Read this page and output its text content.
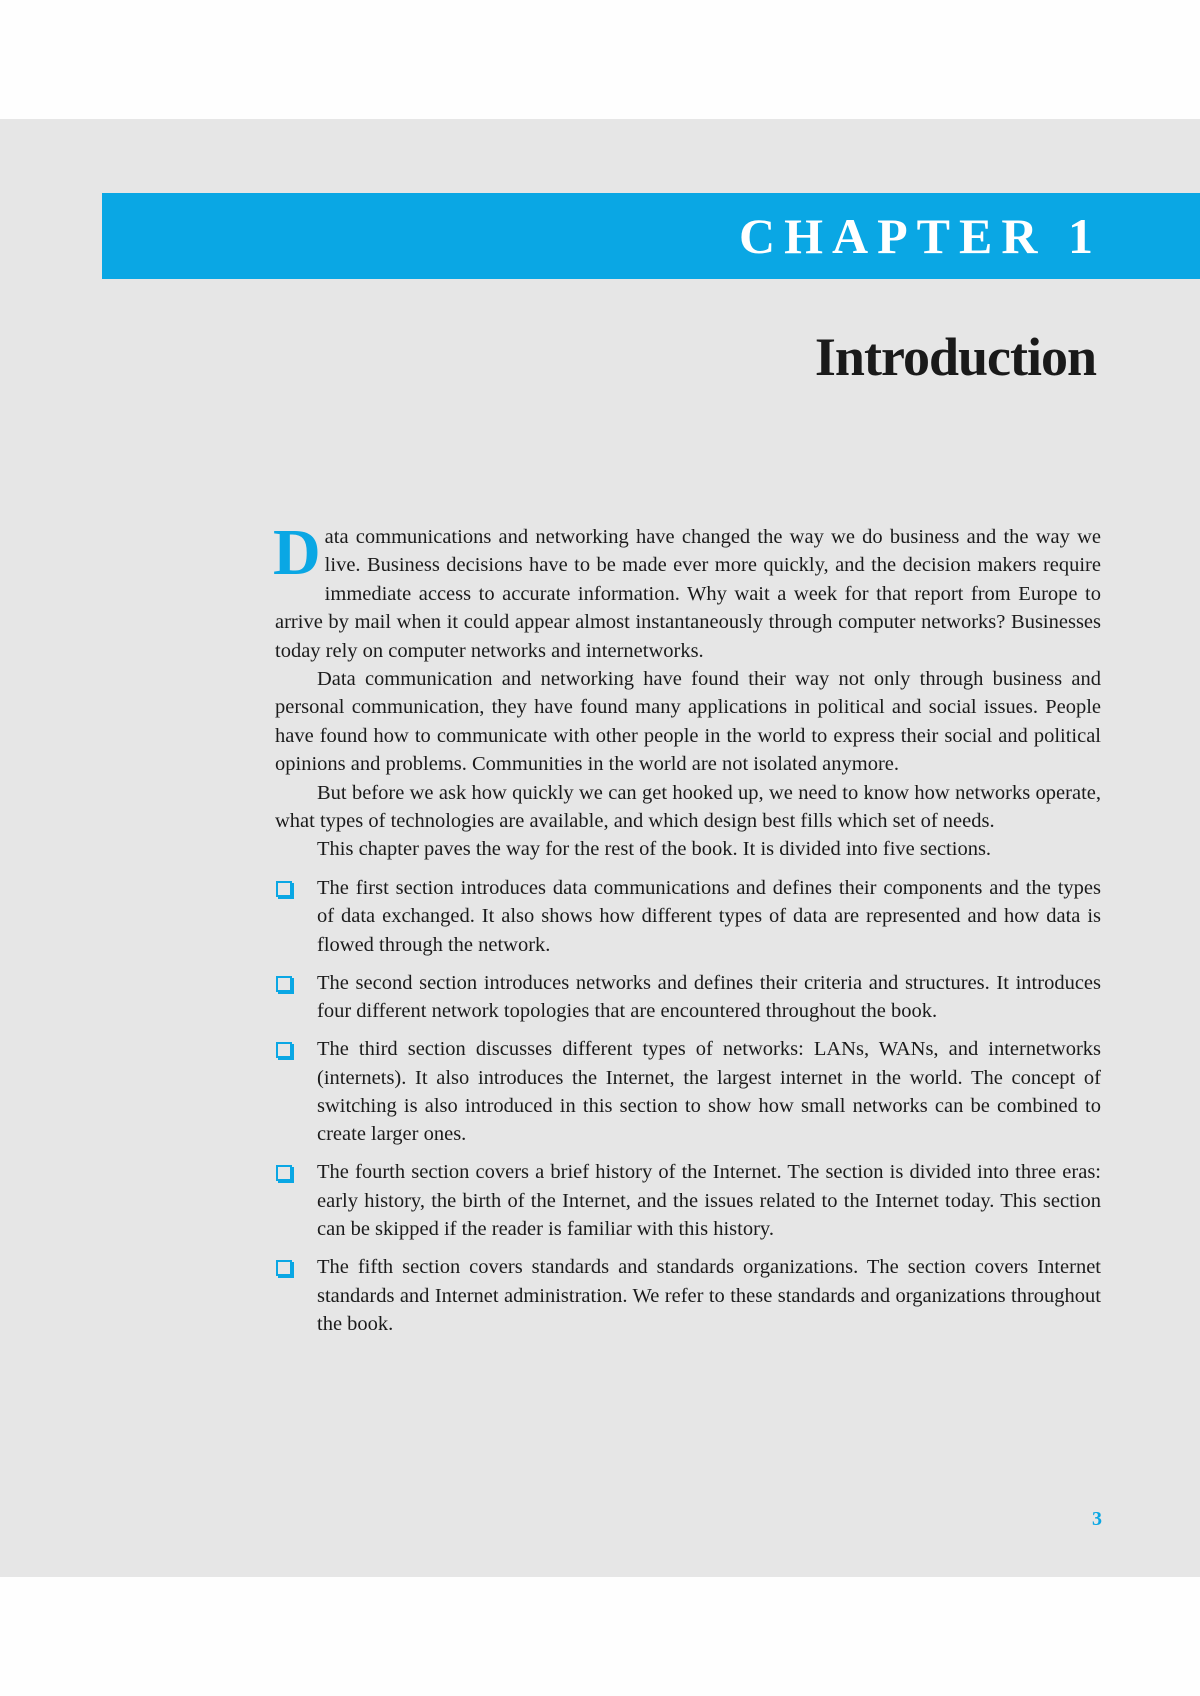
CHAPTER 1
Introduction

Data communications and networking have changed the way we do business and the way we live. Business decisions have to be made ever more quickly, and the decision makers require immediate access to accurate information. Why wait a week for that report from Europe to arrive by mail when it could appear almost instantaneously through computer networks? Businesses today rely on computer networks and internetworks.

Data communication and networking have found their way not only through business and personal communication, they have found many applications in political and social issues. People have found how to communicate with other people in the world to express their social and political opinions and problems. Communities in the world are not isolated anymore.

But before we ask how quickly we can get hooked up, we need to know how networks operate, what types of technologies are available, and which design best fills which set of needs.

This chapter paves the way for the rest of the book. It is divided into five sections.

The first section introduces data communications and defines their components and the types of data exchanged. It also shows how different types of data are represented and how data is flowed through the network.
The second section introduces networks and defines their criteria and structures. It introduces four different network topologies that are encountered throughout the book.
The third section discusses different types of networks: LANs, WANs, and internetworks (internets). It also introduces the Internet, the largest internet in the world. The concept of switching is also introduced in this section to show how small networks can be combined to create larger ones.
The fourth section covers a brief history of the Internet. The section is divided into three eras: early history, the birth of the Internet, and the issues related to the Internet today. This section can be skipped if the reader is familiar with this history.
The fifth section covers standards and standards organizations. The section covers Internet standards and Internet administration. We refer to these standards and organizations throughout the book.

3
